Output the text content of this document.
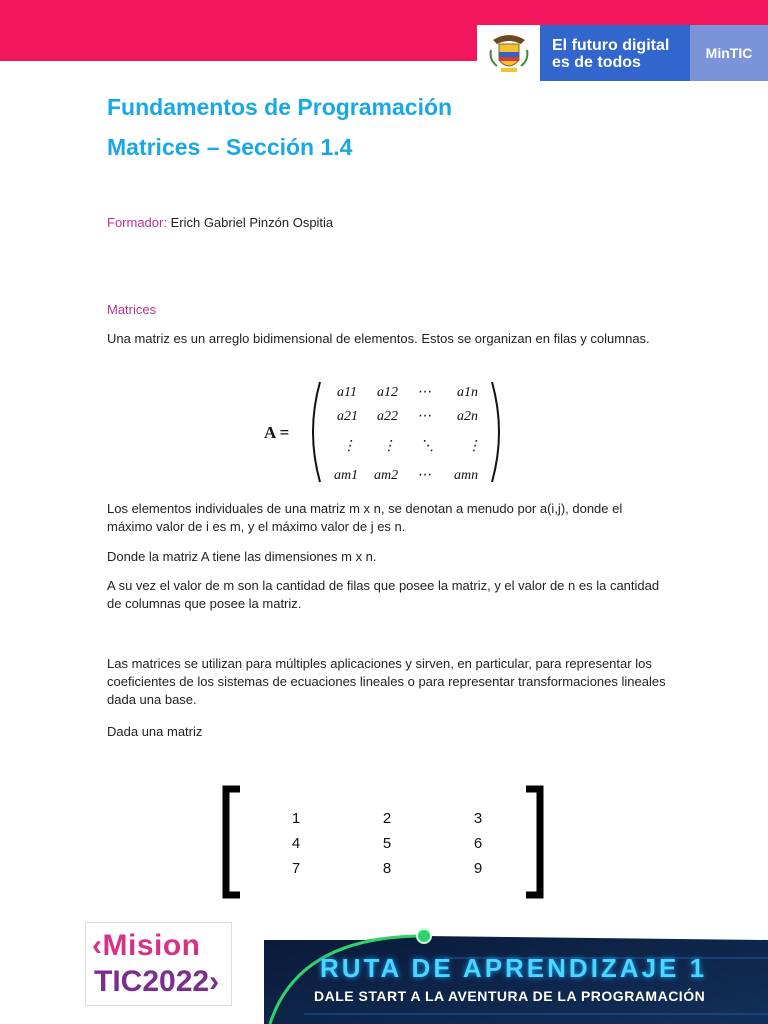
El futuro digital
es de todos
MinTIC
Fundamentos de Programación
Matrices – Sección 1.4
Formador: Erich Gabriel Pinzón Ospitia
Matrices
Una matriz es un arreglo bidimensional de elementos. Estos se organizan en filas y columnas.
A =
a11 a12 ⋯ a1n
a21 a22 ⋯ a2n
⋮ ⋮ ⋱ ⋮
am1 am2 ⋯ amn
Los elementos individuales de una matriz m x n, se denotan a menudo por a(i,j), donde el máximo valor de i es m, y el máximo valor de j es n.
Donde la matriz A tiene las dimensiones m x n.
A su vez el valor de m son la cantidad de filas que posee la matriz, y el valor de n es la cantidad de columnas que posee la matriz.
Las matrices se utilizan para múltiples aplicaciones y sirven, en particular, para representar los coeficientes de los sistemas de ecuaciones lineales o para representar transformaciones lineales dada una base.
Dada una matriz
1	2	3
4	5	6
7	8	9
‹Mision
TIC2022›	RUTA DE APRENDIZAJE 1
DALE START A LA AVENTURA DE LA PROGRAMACIÓN
